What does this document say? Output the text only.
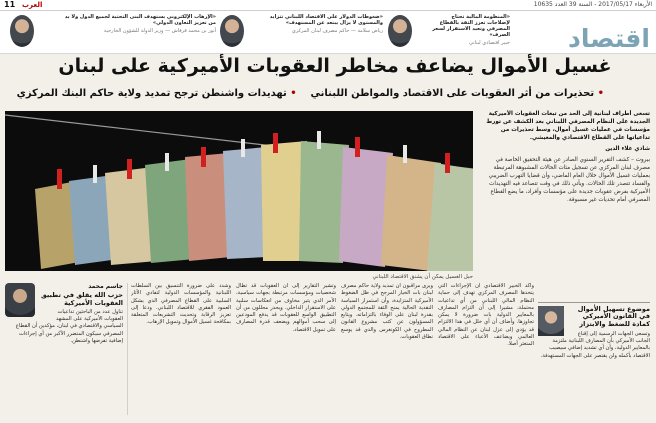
الأربعاء 2017/05/17 - السنة 39 العدد 10635
العرب
11
اقتصاد
«ضغوطات الدولار على الاقتصاد اللبناني تتزايد والمستوى لا يزال يبتعد عن المستهدف»
رياض سلامة — حاكم مصرف لبنان المركزي
«الإرهاب الإلكتروني يستهدف البنى التحتية لجميع الدول ولا بد من تعزيز التعاون الدولي»
أنور بن محمد قرقاش — وزير الدولة للشؤون الخارجية
«المنظومة المالية تحتاج لإصلاحات تعزز الثقة بالقطاع المصرفي وتعيد الاستقرار لسعر الصرف»
خبير اقتصادي لبناني
غسيل الأموال يضاعف مخاطر العقوبات الأميركية على لبنان
• تحذيرات من أثر العقوبات على الاقتصاد والمواطن اللبناني    • تهديدات واشنطن ترجح تمديد ولاية حاكم البنك المركزي
حبل الغسيل يمكن أن يشنق الاقتصاد اللبناني
تسعى أطراف لبنانية إلى الحد من تبعات العقوبات الأميركية الجديدة على النظام المصرفي اللبناني بعد الكشف عن تورط مؤسسات في عمليات غسيل أموال، وسط تحذيرات من تداعياتها على القطاع الاقتصادي والمعيشي.
شادي علاء الدين
بيروت – كشف التقرير السنوي الصادر عن هيئة التحقيق الخاصة في مصرف لبنان المركزي عن تسجيل مئات الحالات المشبوهة المرتبطة بعمليات غسيل الأموال خلال العام الماضي، وأن قضايا التهرب الضريبي والفساد تتصدر تلك الحالات. ويأتي ذلك في وقت تتصاعد فيه التهديدات الأميركية بفرض عقوبات جديدة على مؤسسات وأفراد، ما يضع القطاع المصرفي أمام تحديات غير مسبوقة.
جاسم محمد
حزب الله يقلق في تطبيق العقوبات الأميركية
تناول عدد من الباحثين تداعيات العقوبات الأميركية على المشهد السياسي والاقتصادي في لبنان، مؤكدين أن القطاع المصرفي سيكون المتضرر الأكبر من أي إجراءات إضافية تفرضها واشنطن.
وشدد على ضرورة التنسيق بين السلطات اللبنانية والمؤسسات الدولية لتفادي الآثار السلبية على القطاع المصرفي الذي يشكل العمود الفقري للاقتصاد اللبناني. ودعا إلى تعزيز الرقابة وتحديث التشريعات المتعلقة بمكافحة غسيل الأموال وتمويل الإرهاب.
وتشير التقارير إلى أن العقوبات قد تطال شخصيات ومؤسسات مرتبطة بجهات سياسية، الأمر الذي يثير مخاوف من انعكاسات سلبية على الاستقرار الداخلي. ويحذر محللون من أن التطبيق الواسع للعقوبات قد يدفع المودعين إلى سحب أموالهم ويضعف قدرة المصارف على تمويل الاقتصاد.
ويرى مراقبون أن تمديد ولاية حاكم مصرف لبنان بات الخيار المرجح في ظل الضغوط الأميركية المتزايدة، وأن استمرار السياسة النقدية الحالية يمنح الثقة للمجتمع الدولي بقدرة لبنان على الوفاء بالتزاماته. ويتابع المسؤولون عن كثب مشروع القانون المطروح في الكونغرس والذي قد يوسع نطاق العقوبات.
وأكد الخبير الاقتصادي أن الإجراءات التي يتخذها المصرف المركزي تهدف إلى حماية النظام المالي اللبناني من أي تداعيات محتملة، مشيرا إلى أن التزام المصارف بالمعايير الدولية بات ضرورة لا يمكن تجاوزها. وأضاف أن أي خلل في هذا الالتزام قد يؤدي إلى عزل لبنان عن النظام المالي العالمي ويضاعف الأعباء على الاقتصاد المتعثر أصلا.
موضوع تسهيل الأموال في القانون الأميركي كمادة للضغط والابتزاز
وتسعى الجهات الرسمية إلى إقناع الجانب الأميركي بأن المصارف اللبنانية ملتزمة بالمعايير الدولية، وأن أي تشديد إضافي سيصيب الاقتصاد بأكمله ولن يقتصر على الجهات المستهدفة.
